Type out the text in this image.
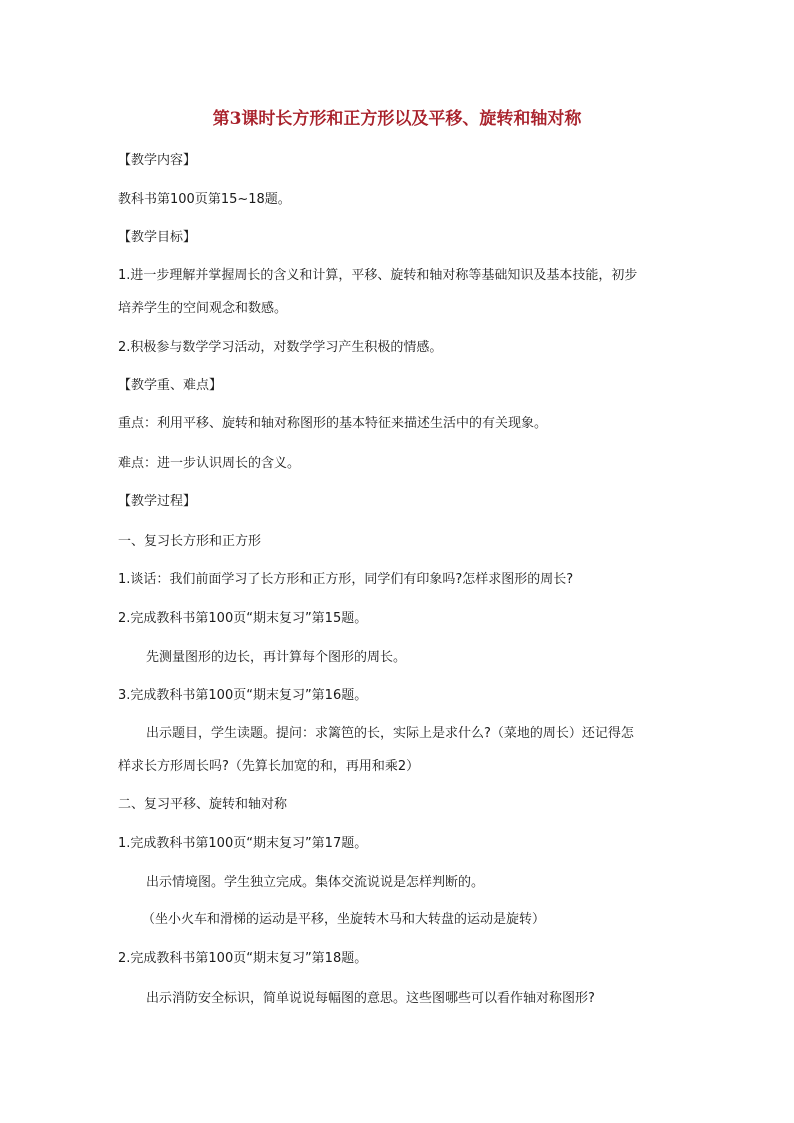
第3课时长方形和正方形以及平移、旋转和轴对称
【教学内容】
教科书第100页第15~18题。
【教学目标】
1.进一步理解并掌握周长的含义和计算，平移、旋转和轴对称等基础知识及基本技能，初步
培养学生的空间观念和数感。
2.积极参与数学学习活动，对数学学习产生积极的情感。
【教学重、难点】
重点：利用平移、旋转和轴对称图形的基本特征来描述生活中的有关现象。
难点：进一步认识周长的含义。
【教学过程】
一、复习长方形和正方形
1.谈话：我们前面学习了长方形和正方形，同学们有印象吗?怎样求图形的周长?
2.完成教科书第100页“期末复习”第15题。
先测量图形的边长，再计算每个图形的周长。
3.完成教科书第100页“期末复习”第16题。
出示题目，学生读题。提问：求篱笆的长，实际上是求什么?（菜地的周长）还记得怎
样求长方形周长吗?（先算长加宽的和，再用和乘2）
二、复习平移、旋转和轴对称
1.完成教科书第100页“期末复习”第17题。
出示情境图。学生独立完成。集体交流说说是怎样判断的。
（坐小火车和滑梯的运动是平移，坐旋转木马和大转盘的运动是旋转）
2.完成教科书第100页“期末复习”第18题。
出示消防安全标识，简单说说每幅图的意思。这些图哪些可以看作轴对称图形?
